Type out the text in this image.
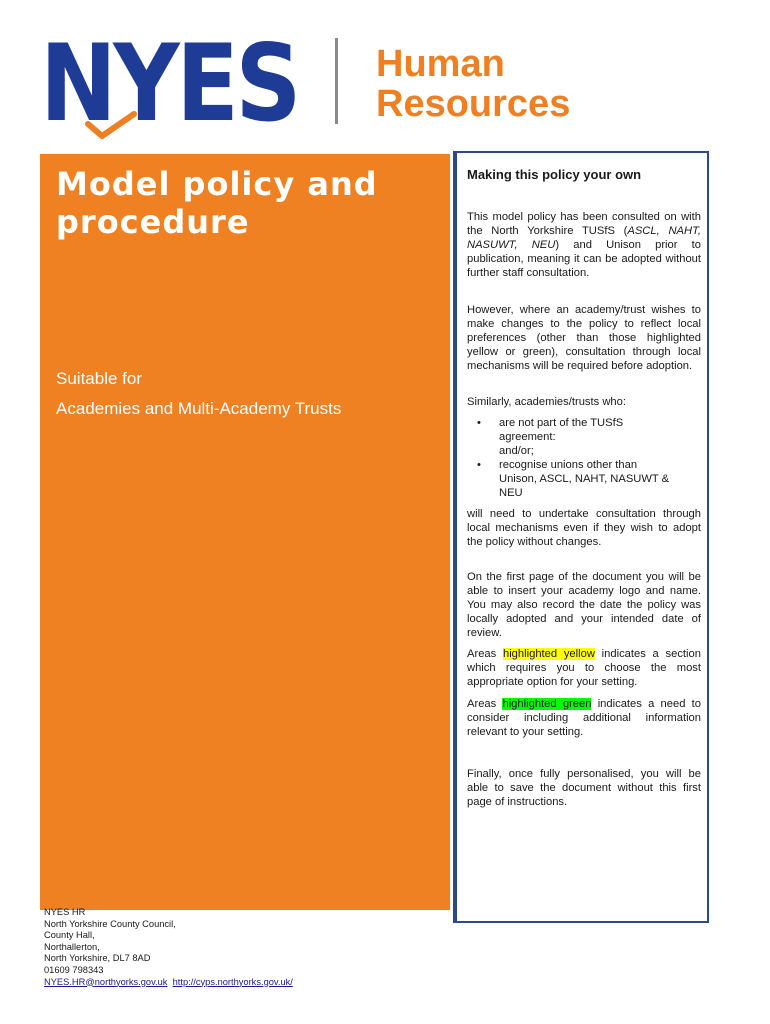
NYES Human
Resources
Model policy and
procedure
Suitable for
Academies and Multi-Academy Trusts
Making this policy your own
This model policy has been consulted on with the North Yorkshire TUSfS (ASCL, NAHT, NASUWT, NEU) and Unison prior to publication, meaning it can be adopted without further staff consultation.
However, where an academy/trust wishes to make changes to the policy to reflect local preferences (other than those highlighted yellow or green), consultation through local mechanisms will be required before adoption.
Similarly, academies/trusts who:
• are not part of the TUSfS
agreement:
and/or;
• recognise unions other than
Unison, ASCL, NAHT, NASUWT &
NEU
will need to undertake consultation through local mechanisms even if they wish to adopt the policy without changes.
On the first page of the document you will be able to insert your academy logo and name. You may also record the date the policy was locally adopted and your intended date of review.
Areas highlighted yellow indicates a section which requires you to choose the most appropriate option for your setting.
Areas highlighted green indicates a need to consider including additional information relevant to your setting.
Finally, once fully personalised, you will be able to save the document without this first page of instructions.
NYES HR
North Yorkshire County Council,
County Hall,
Northallerton,
North Yorkshire, DL7 8AD
01609 798343
NYES.HR@northyorks.gov.uk http://cyps.northyorks.gov.uk/
